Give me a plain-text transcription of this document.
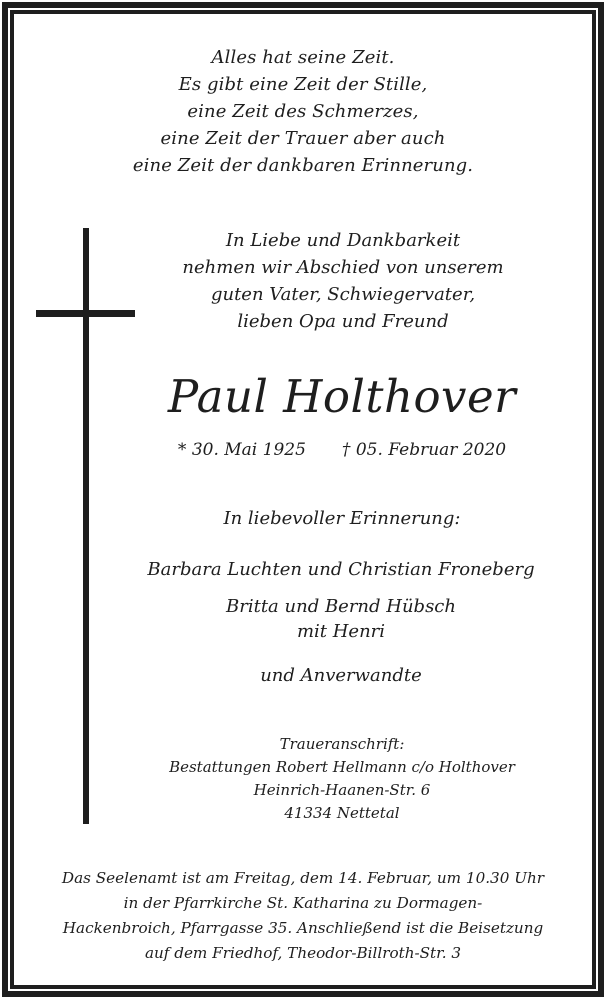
Alles hat seine Zeit.
Es gibt eine Zeit der Stille,
eine Zeit des Schmerzes,
eine Zeit der Trauer aber auch
eine Zeit der dankbaren Erinnerung.
In Liebe und Dankbarkeit
nehmen wir Abschied von unserem
guten Vater, Schwiegervater,
lieben Opa und Freund
Paul Holthover
* 30. Mai 1925 † 05. Februar 2020
In liebevoller Erinnerung:
Barbara Luchten und Christian Froneberg
Britta und Bernd Hübsch
mit Henri
und Anverwandte
Traueranschrift:
Bestattungen Robert Hellmann c/o Holthover
Heinrich-Haanen-Str. 6
41334 Nettetal
Das Seelenamt ist am Freitag, dem 14. Februar, um 10.30 Uhr
in der Pfarrkirche St. Katharina zu Dormagen-
Hackenbroich, Pfarrgasse 35. Anschließend ist die Beisetzung
auf dem Friedhof, Theodor-Billroth-Str. 3
